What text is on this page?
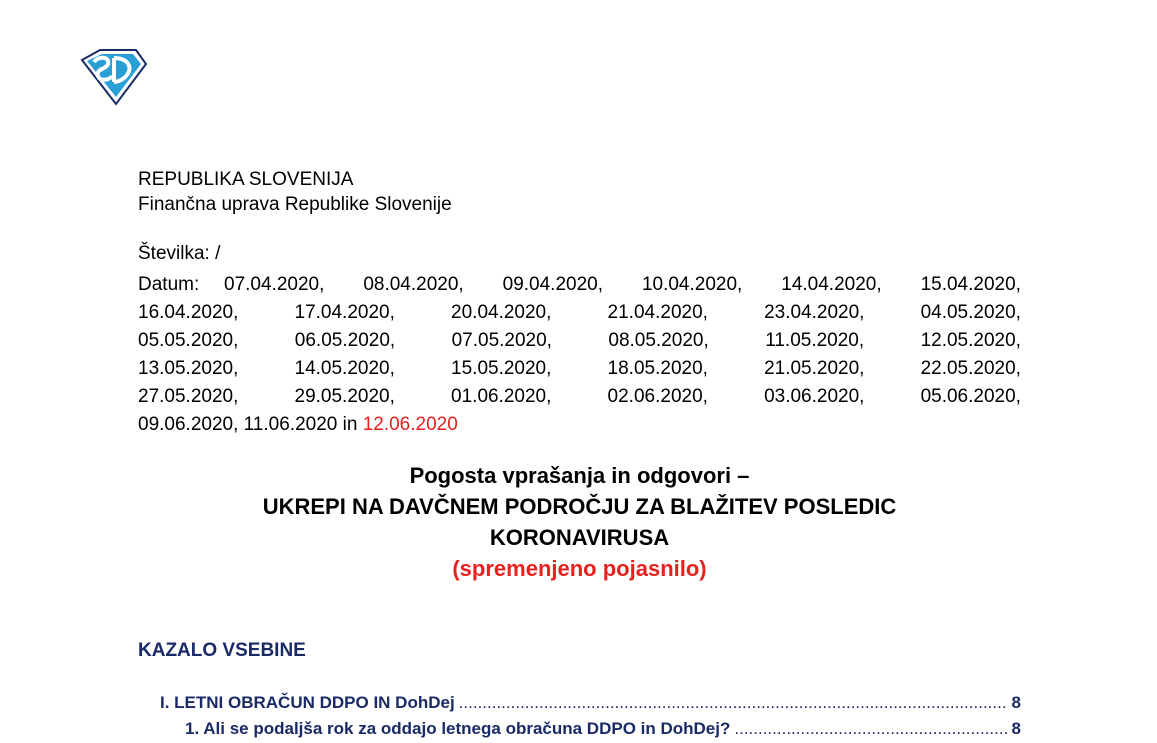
REPUBLIKA SLOVENIJA
Finančna uprava Republike Slovenije
Številka: /
Datum: 07.04.2020, 08.04.2020, 09.04.2020, 10.04.2020, 14.04.2020, 15.04.2020,
16.04.2020,	17.04.2020,	20.04.2020,	21.04.2020,	23.04.2020,	04.05.2020,
05.05.2020,	06.05.2020,	07.05.2020,	08.05.2020,	11.05.2020,	12.05.2020,
13.05.2020,	14.05.2020,	15.05.2020,	18.05.2020,	21.05.2020,	22.05.2020,
27.05.2020,	29.05.2020,	01.06.2020,	02.06.2020,	03.06.2020,	05.06.2020,
09.06.2020, 11.06.2020 in 12.06.2020
Pogosta vprašanja in odgovori –
UKREPI NA DAVČNEM PODROČJU ZA BLAŽITEV POSLEDIC
KORONAVIRUSA
(spremenjeno pojasnilo)
KAZALO VSEBINE
I. LETNI OBRAČUN DDPO IN DohDej .....	8
1. Ali se podaljša rok za oddajo letnega obračuna DDPO in DohDej? .....	8
